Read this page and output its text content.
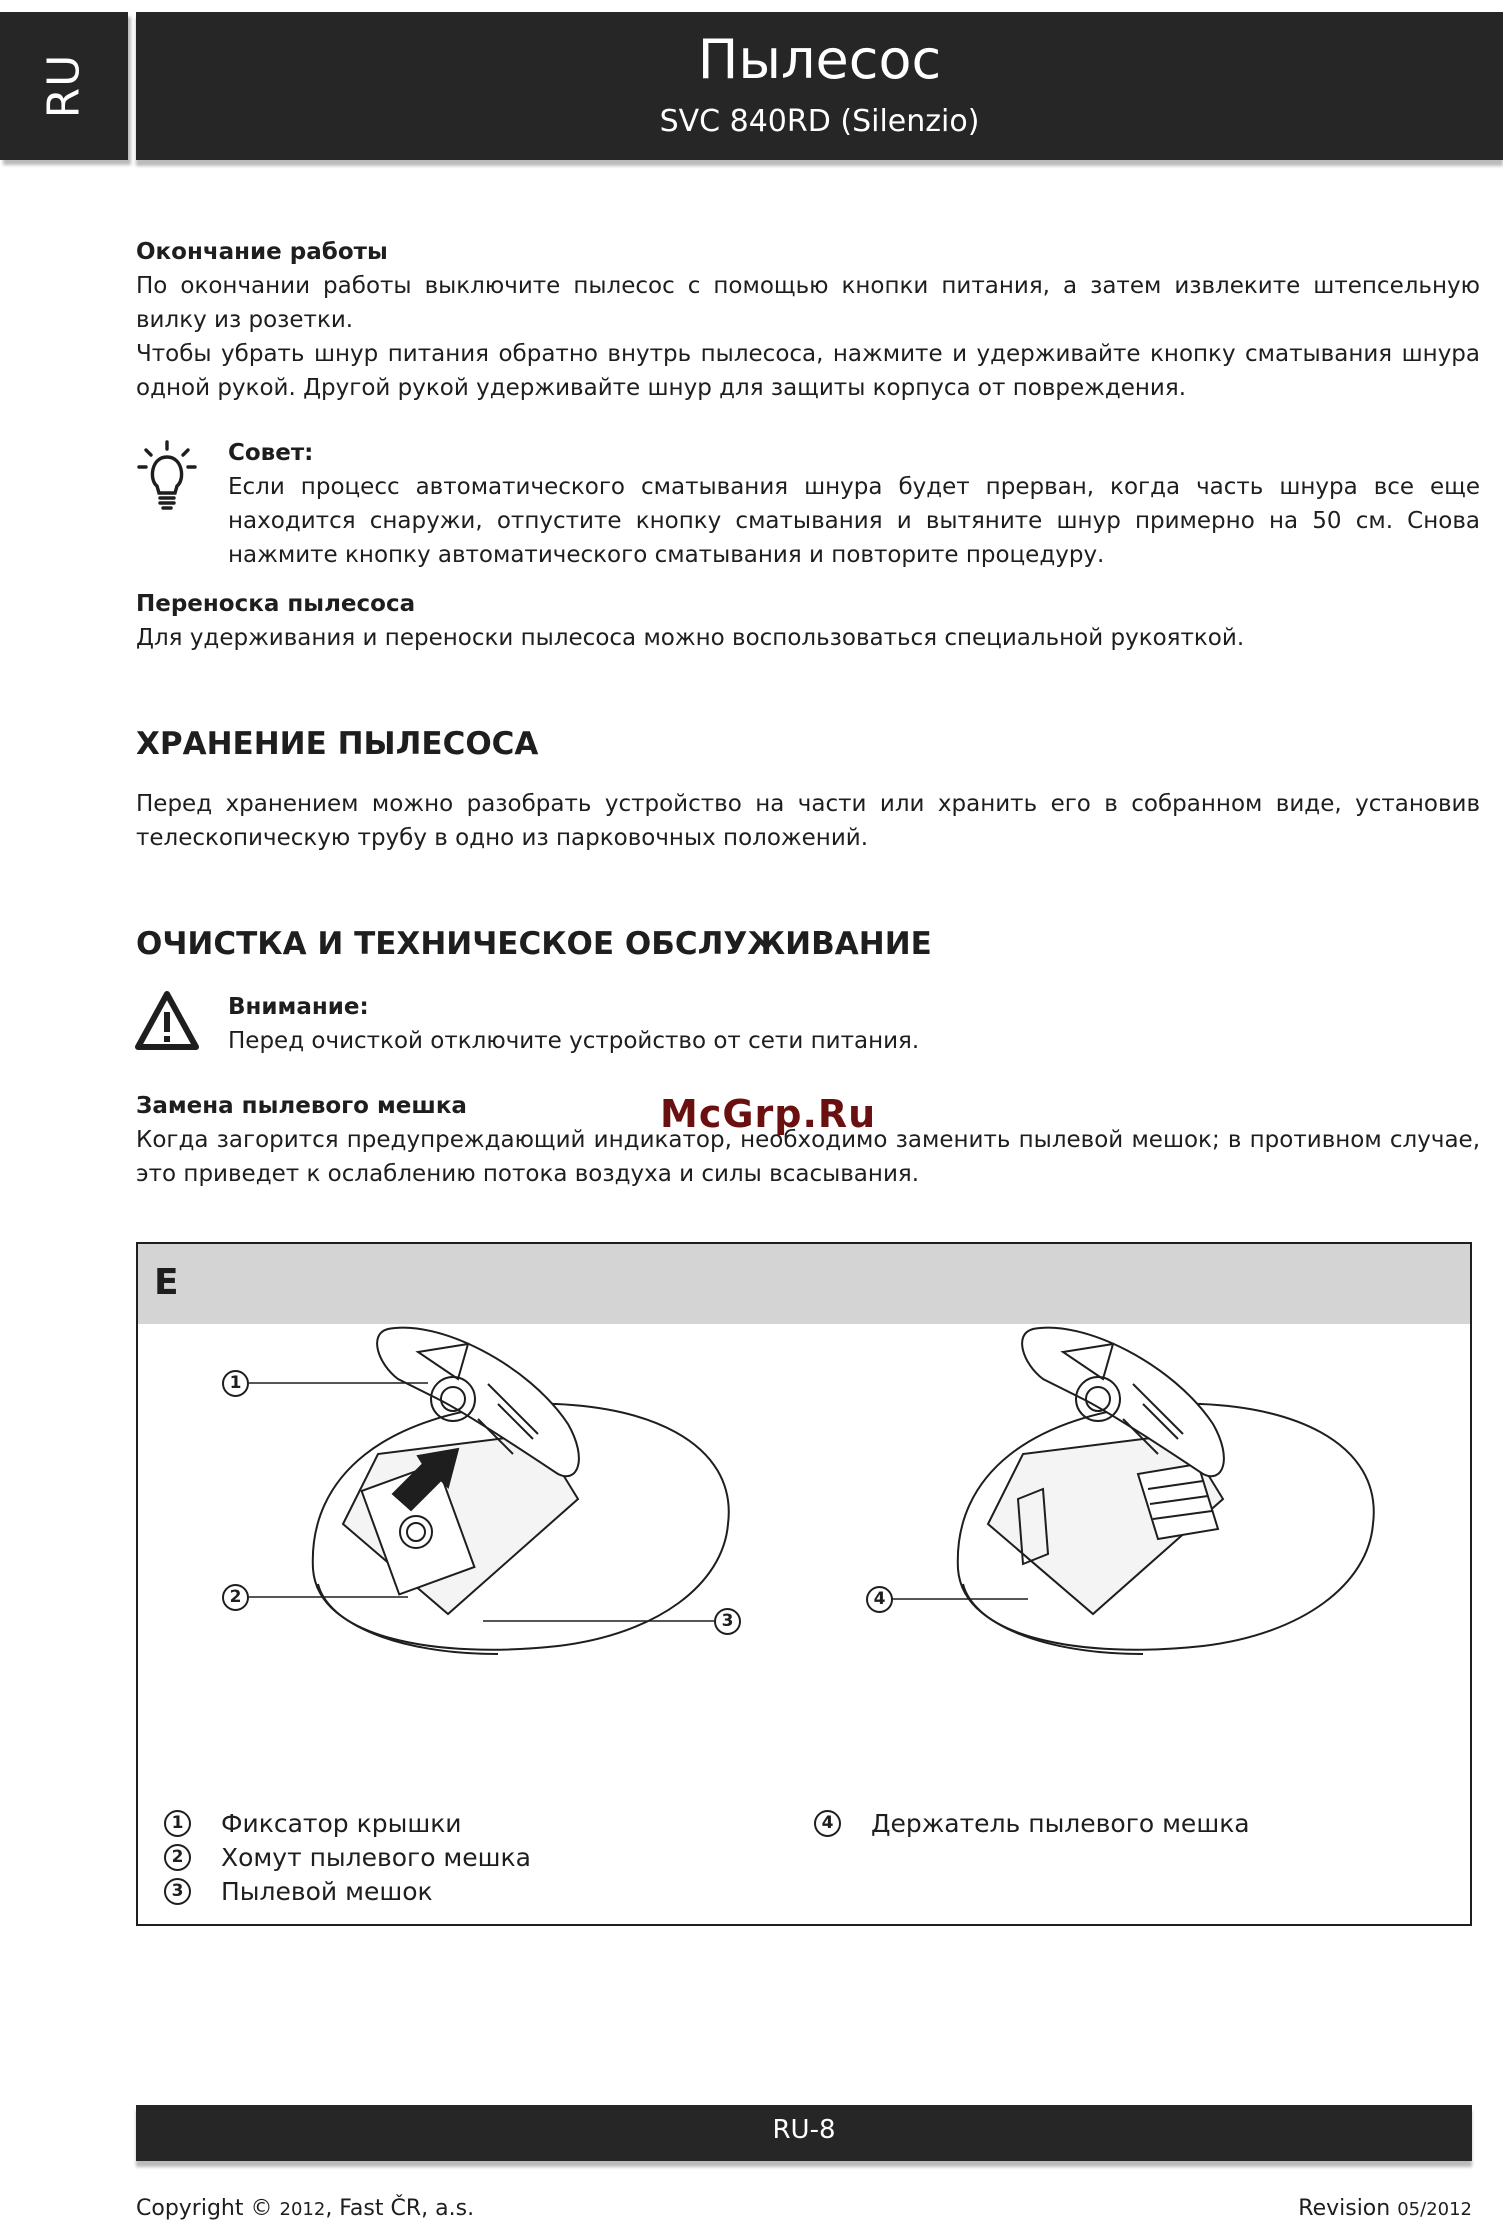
RU	Пылесос
SVC 840RD (Silenzio)
Окончание работы
По окончании работы выключите пылесос с помощью кнопки питания, а затем извлеките штепсельную вилку из розетки.
Чтобы убрать шнур питания обратно внутрь пылесоса, нажмите и удерживайте кнопку сматывания шнура одной рукой. Другой рукой удерживайте шнур для защиты корпуса от повреждения.
Совет:
Если процесс автоматического сматывания шнура будет прерван, когда часть шнура все еще находится снаружи, отпустите кнопку сматывания и вытяните шнур примерно на 50 см. Снова нажмите кнопку автоматического сматывания и повторите процедуру.
Переноска пылесоса
Для удерживания и переноски пылесоса можно воспользоваться специальной рукояткой.
ХРАНЕНИЕ ПЫЛЕСОСА
Перед хранением можно разобрать устройство на части или хранить его в собранном виде, установив телескопическую трубу в одно из парковочных положений.
ОЧИСТКА И ТЕХНИЧЕСКОЕ ОБСЛУЖИВАНИЕ
Внимание:
Перед очисткой отключите устройство от сети питания.
Замена пылевого мешка
Когда загорится предупреждающий индикатор, необходимо заменить пылевой мешок; в противном случае, это приведет к ослаблению потока воздуха и силы всасывания.
McGrp.Ru
E
1
2
3
4
1	Фиксатор крышки
2	Хомут пылевого мешка
3	Пылевой мешок
4	Держатель пылевого мешка
RU-8
Copyright © 2012, Fast ČR, a.s.	Revision 05/2012
